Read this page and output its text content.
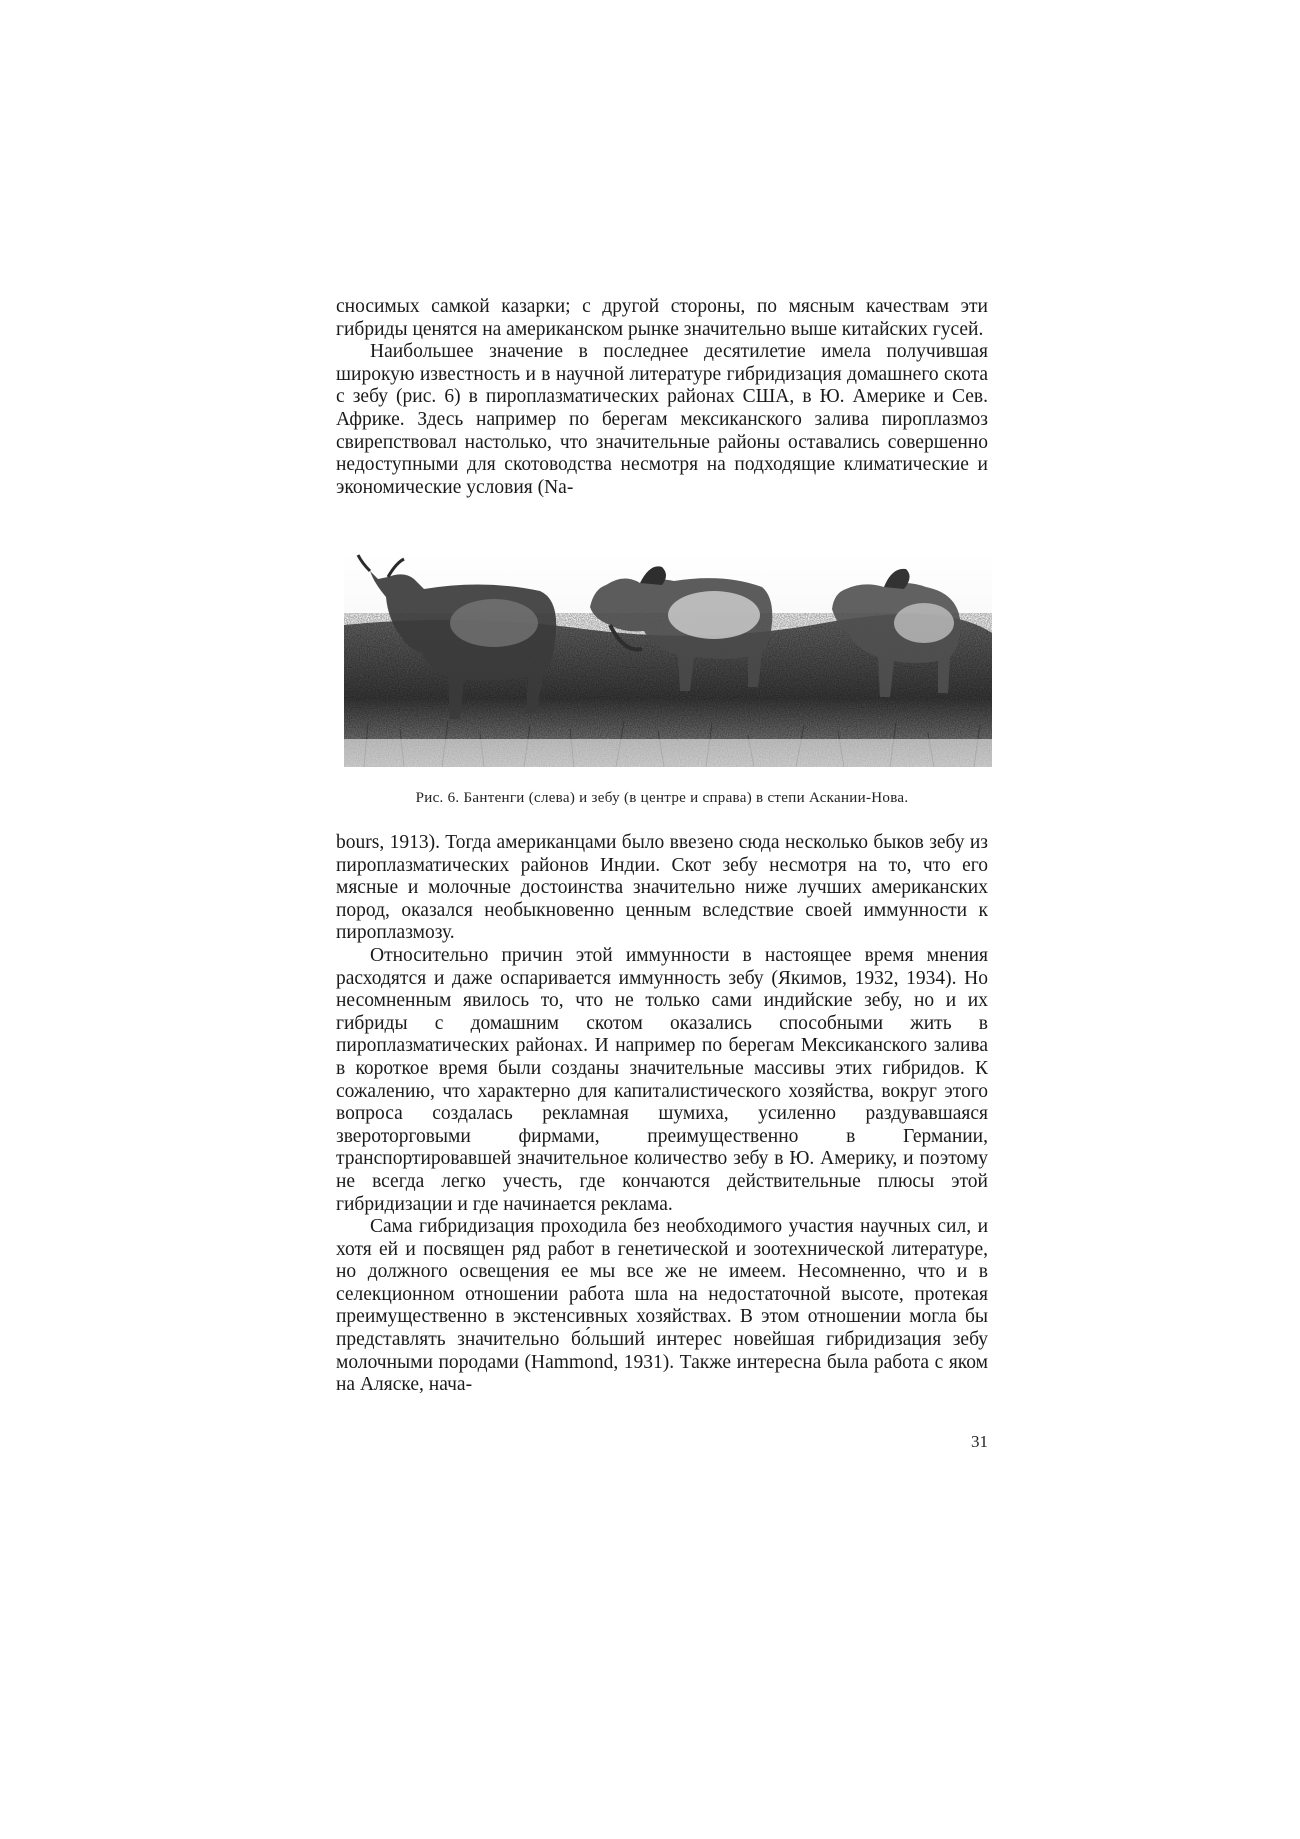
сносимых самкой казарки; с другой стороны, по мясным качествам эти гибриды ценятся на американском рынке значительно выше китайских гусей.

Наибольшее значение в последнее десятилетие имела получившая широкую известность и в научной литературе гибридизация домашнего скота с зебу (рис. 6) в пироплазматических районах США, в Ю. Америке и Сев. Африке. Здесь например по берегам мексиканского залива пироплазмоз свирепствовал настолько, что значительные районы оставались совершенно недоступными для скотоводства несмотря на подходящие климатические и экономические условия (Na-

Рис. 6. Бантенги (слева) и зебу (в центре и справа) в степи Аскании-Нова.

bours, 1913). Тогда американцами было ввезено сюда несколько быков зебу из пироплазматических районов Индии. Скот зебу несмотря на то, что его мясные и молочные достоинства значительно ниже лучших американских пород, оказался необыкновенно ценным вследствие своей иммунности к пироплазмозу.

Относительно причин этой иммунности в настоящее время мнения расходятся и даже оспаривается иммунность зебу (Якимов, 1932, 1934). Но несомненным явилось то, что не только сами индийские зебу, но и их гибриды с домашним скотом оказались способными жить в пироплазматических районах. И например по берегам Мексиканского залива в короткое время были созданы значительные массивы этих гибридов. К сожалению, что характерно для капиталистического хозяйства, вокруг этого вопроса создалась рекламная шумиха, усиленно раздувавшаяся звероторговыми фирмами, преимущественно в Германии, транспортировавшей значительное количество зебу в Ю. Америку, и поэтому не всегда легко учесть, где кончаются действительные плюсы этой гибридизации и где начинается реклама.

Сама гибридизация проходила без необходимого участия научных сил, и хотя ей и посвящен ряд работ в генетической и зоотехнической литературе, но должного освещения ее мы все же не имеем. Несомненно, что и в селекционном отношении работа шла на недостаточной высоте, протекая преимущественно в экстенсивных хозяйствах. В этом отношении могла бы представлять значительно бо́льший интерес новейшая гибридизация зебу молочными породами (Hammond, 1931). Также интересна была работа с яком на Аляске, нача-

31
